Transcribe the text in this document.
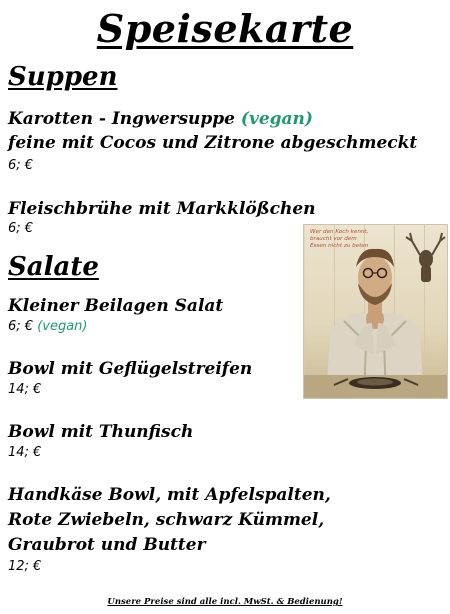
Speisekarte
Suppen
Karotten - Ingwersuppe (vegan)
feine mit Cocos und Zitrone abgeschmeckt
6; €
Fleischbrühe mit Markklößchen
6; €
Salate
Kleiner Beilagen Salat
6; € (vegan)
Bowl mit Geflügelstreifen
14; €
Bowl mit Thunfisch
14; €
Handkäse Bowl, mit Apfelspalten,
Rote Zwiebeln, schwarz Kümmel,
Graubrot und Butter
12; €
Wer den Koch kennt, braucht vor dem Essen nicht zu beten
Unsere Preise sind alle incl. MwSt. & Bedienung!
